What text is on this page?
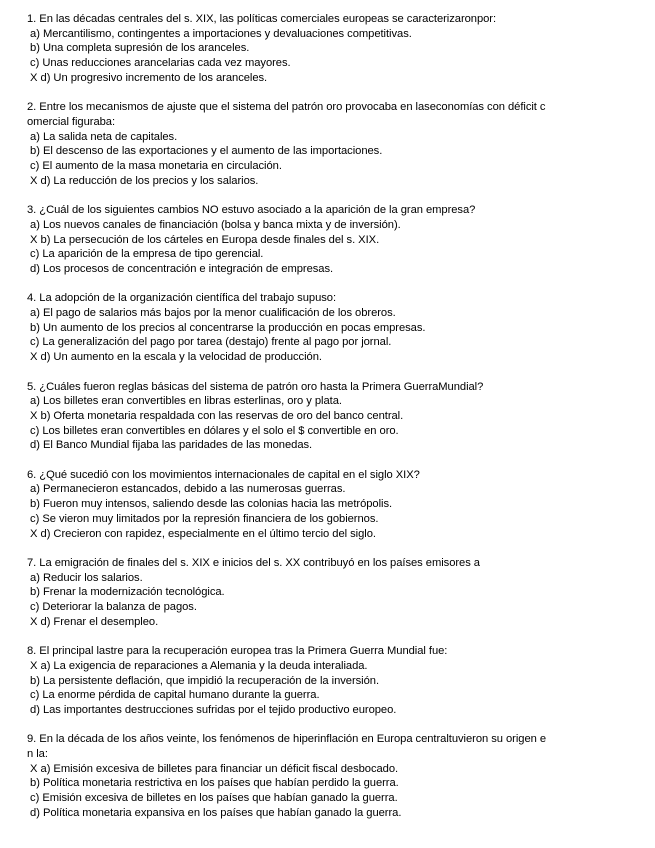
1. En las décadas centrales del s. XIX, las políticas comerciales europeas se caracterizaronpor:
a) Mercantilismo, contingentes a importaciones y devaluaciones competitivas.
b) Una completa supresión de los aranceles.
c) Unas reducciones arancelarias cada vez mayores.
X d) Un progresivo incremento de los aranceles.
2. Entre los mecanismos de ajuste que el sistema del patrón oro provocaba en laseconomías con déficit c
omercial figuraba:
a) La salida neta de capitales.
b) El descenso de las exportaciones y el aumento de las importaciones.
c) El aumento de la masa monetaria en circulación.
X d) La reducción de los precios y los salarios.
3. ¿Cuál de los siguientes cambios NO estuvo asociado a la aparición de la gran empresa?
a) Los nuevos canales de financiación (bolsa y banca mixta y de inversión).
X b) La persecución de los cárteles en Europa desde finales del s. XIX.
c) La aparición de la empresa de tipo gerencial.
d) Los procesos de concentración e integración de empresas.
4. La adopción de la organización científica del trabajo supuso:
a) El pago de salarios más bajos por la menor cualificación de los obreros.
b) Un aumento de los precios al concentrarse la producción en pocas empresas.
c) La generalización del pago por tarea (destajo) frente al pago por jornal.
X d) Un aumento en la escala y la velocidad de producción.
5. ¿Cuáles fueron reglas básicas del sistema de patrón oro hasta la Primera GuerraMundial?
a) Los billetes eran convertibles en libras esterlinas, oro y plata.
X b) Oferta monetaria respaldada con las reservas de oro del banco central.
c) Los billetes eran convertibles en dólares y el solo el $ convertible en oro.
d) El Banco Mundial fijaba las paridades de las monedas.
6. ¿Qué sucedió con los movimientos internacionales de capital en el siglo XIX?
a) Permanecieron estancados, debido a las numerosas guerras.
b) Fueron muy intensos, saliendo desde las colonias hacia las metrópolis.
c) Se vieron muy limitados por la represión financiera de los gobiernos.
X d) Crecieron con rapidez, especialmente en el último tercio del siglo.
7. La emigración de finales del s. XIX e inicios del s. XX contribuyó en los países emisores a
a) Reducir los salarios.
b) Frenar la modernización tecnológica.
c) Deteriorar la balanza de pagos.
X d) Frenar el desempleo.
8. El principal lastre para la recuperación europea tras la Primera Guerra Mundial fue:
X a) La exigencia de reparaciones a Alemania y la deuda interaliada.
b) La persistente deflación, que impidió la recuperación de la inversión.
c) La enorme pérdida de capital humano durante la guerra.
d) Las importantes destrucciones sufridas por el tejido productivo europeo.
9. En la década de los años veinte, los fenómenos de hiperinflación en Europa centraltuvieron su origen e
n la:
X a) Emisión excesiva de billetes para financiar un déficit fiscal desbocado.
b) Política monetaria restrictiva en los países que habían perdido la guerra.
c) Emisión excesiva de billetes en los países que habían ganado la guerra.
d) Política monetaria expansiva en los países que habían ganado la guerra.
